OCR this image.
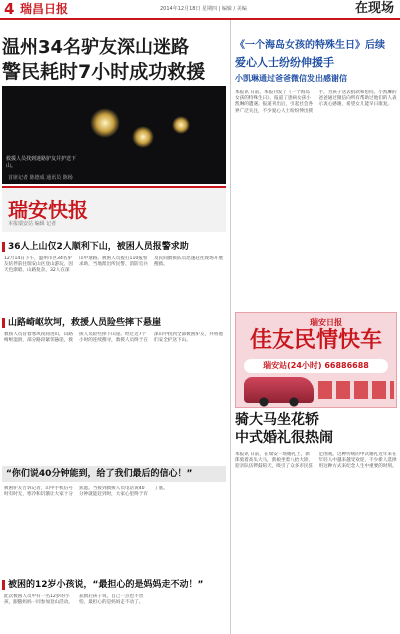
4 瑞昌日报	2014年12月18日 星期四 | 编辑 / 美编	在现场
温州34名驴友深山迷路
警民耗时7小时成功救援
救援人员找到迷路驴友并护送下山。
首席记者 陈德成 通讯员 陈杨
瑞安快报
本报瑞安站 编辑 记者
36人上山仅2人顺利下山，被困人员报警求助
12月14日下午，温州市区34名驴友结伴前往瑞安山区登山游玩，因天色渐暗、山路复杂，32人在深山中迷路。被困人员拨打110报警求助，当地派出所民警、消防官兵及民间救援队员迅速赶往现场开展搜救。
山路崎岖坎坷，救援人员险些摔下悬崖
救援人员冒着寒风夜间进山，山路崎岖湿滑，部分路段紧邻悬崖，救援人员险些摔下山崖。经过近7个小时的连续搜寻，救援人员终于在深山中找到全部被困驴友，并将他们安全护送下山。
“你们说40分钟能到，给了我们最后的信心！”
被困驴友告诉记者，山中手机信号时有时无，寒冷和饥饿让大家十分焦虑。当接到救援人员电话说40分钟就能赶到时，大家心里终于有了底。
被困的12岁小孩说，“最担心的是妈妈走不动！”
此次被困人员中有一名12岁的小孩，跟随妈妈一同参加登山活动。获救后孩子说，自己一点也不害怕，最担心的是妈妈走不动了。
《一个海岛女孩的特殊生日》后续
爱心人士纷纷伸援手
小凯琳通过爸爸微信发出感谢信
本报讯 日前，本报刊发了《一个海岛女孩的特殊生日》，报道了患病女孩小凯琳的遭遇。报道刊出后，引起社会各界广泛关注，不少爱心人士纷纷伸出援手，为孩子送去捐款和慰问。小凯琳的爸爸通过微信向所有帮助过他们的人表示衷心感谢，希望女儿能早日康复。
瑞安日报
佳友民情快车
瑞安站(24小时) 66886688
骑大马坐花轿
中式婚礼很热闹
本报讯 日前，在瑞安一场婚礼上，新郎骑着高头大马，新娘坐着八抬大轿，迎亲队伍锣鼓喧天，吸引了众多市民驻足围观。这种传统的中式婚礼近年来在年轻人中越来越受欢迎，不少新人选择用这种方式来纪念人生中重要的时刻。
